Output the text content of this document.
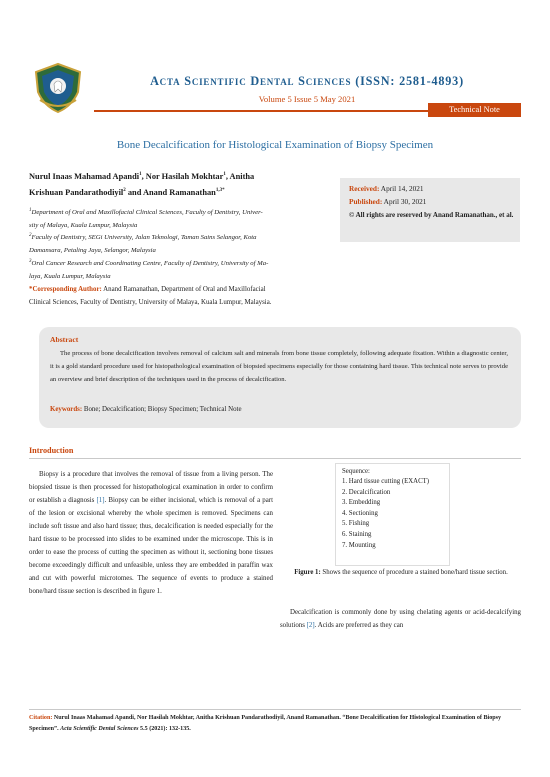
Acta Scientific Dental Sciences (ISSN: 2581-4893)
Volume 5 Issue 5 May 2021
Technical Note
Bone Decalcification for Histological Examination of Biopsy Specimen
Nurul Inaas Mahamad Apandi$^1$, Nor Hasilah Mokhtar$^1$, Anitha
Krishuan Pandarathodiyil$^2$ and Anand Ramanathan$^{1,3*}$
$^1$Department of Oral and Maxillofacial Clinical Sciences, Faculty of Dentistry, Univer-
sity of Malaya, Kuala Lumpur, Malaysia
$^2$Faculty of Dentistry, SEGi University, Jalan Teknologi, Taman Sains Selangor, Kota
Damansara, Petaling Jaya, Selangor, Malaysia
$^3$Oral Cancer Research and Coordinating Centre, Faculty of Dentistry, University of Ma-
laya, Kuala Lumpur, Malaysia
*Corresponding Author: Anand Ramanathan, Department of Oral and Maxillofacial
Clinical Sciences, Faculty of Dentistry, University of Malaya, Kuala Lumpur, Malaysia.
Received: April 14, 2021
Published: April 30, 2021
© All rights are reserved by Anand Ramanathan., et al.
Abstract
The process of bone decalcification involves removal of calcium salt and minerals from bone tissue completely, following adequate fixation. Within a diagnostic center, it is a gold standard procedure used for histopathological examination of biopsied specimens especially for those containing hard tissue. This technical note serves to provide an overview and brief description of the techniques used in the process of decalcification.
Keywords: Bone; Decalcification; Biopsy Specimen; Technical Note
Introduction
Biopsy is a procedure that involves the removal of tissue from a living person. The biopsied tissue is then processed for histopathological examination in order to confirm or establish a diagnosis [1]. Biopsy can be either incisional, which is removal of a part of the lesion or excisional whereby the whole specimen is removed. Specimens can include soft tissue and also hard tissue; thus, decalcification is needed especially for the hard tissue to be processed into slides to be examined under the microscope. This is in order to ease the process of cutting the specimen as without it, sectioning bone tissues become exceedingly difficult and unfeasible, unless they are embedded in paraffin wax and cut with powerful microtomes. The sequence of events to produce a stained bone/hard tissue section is described in figure 1.
Sequence:
1. Hard tissue cutting (EXACT)
2. Decalcification
3. Embedding
4. Sectioning
5. Fishing
6. Staining
7. Mounting
Figure 1: Shows the sequence of procedure a stained bone/hard tissue section.
Decalcification is commonly done by using chelating agents or acid-decalcifying solutions [2]. Acids are preferred as they can
Citation: Nurul Inaas Mahamad Apandi, Nor Hasilah Mokhtar, Anitha Krishuan Pandarathodiyil, Anand Ramanathan. “Bone Decalcification for Histological Examination of Biopsy Specimen”. Acta Scientific Dental Sciences 5.5 (2021): 132-135.
